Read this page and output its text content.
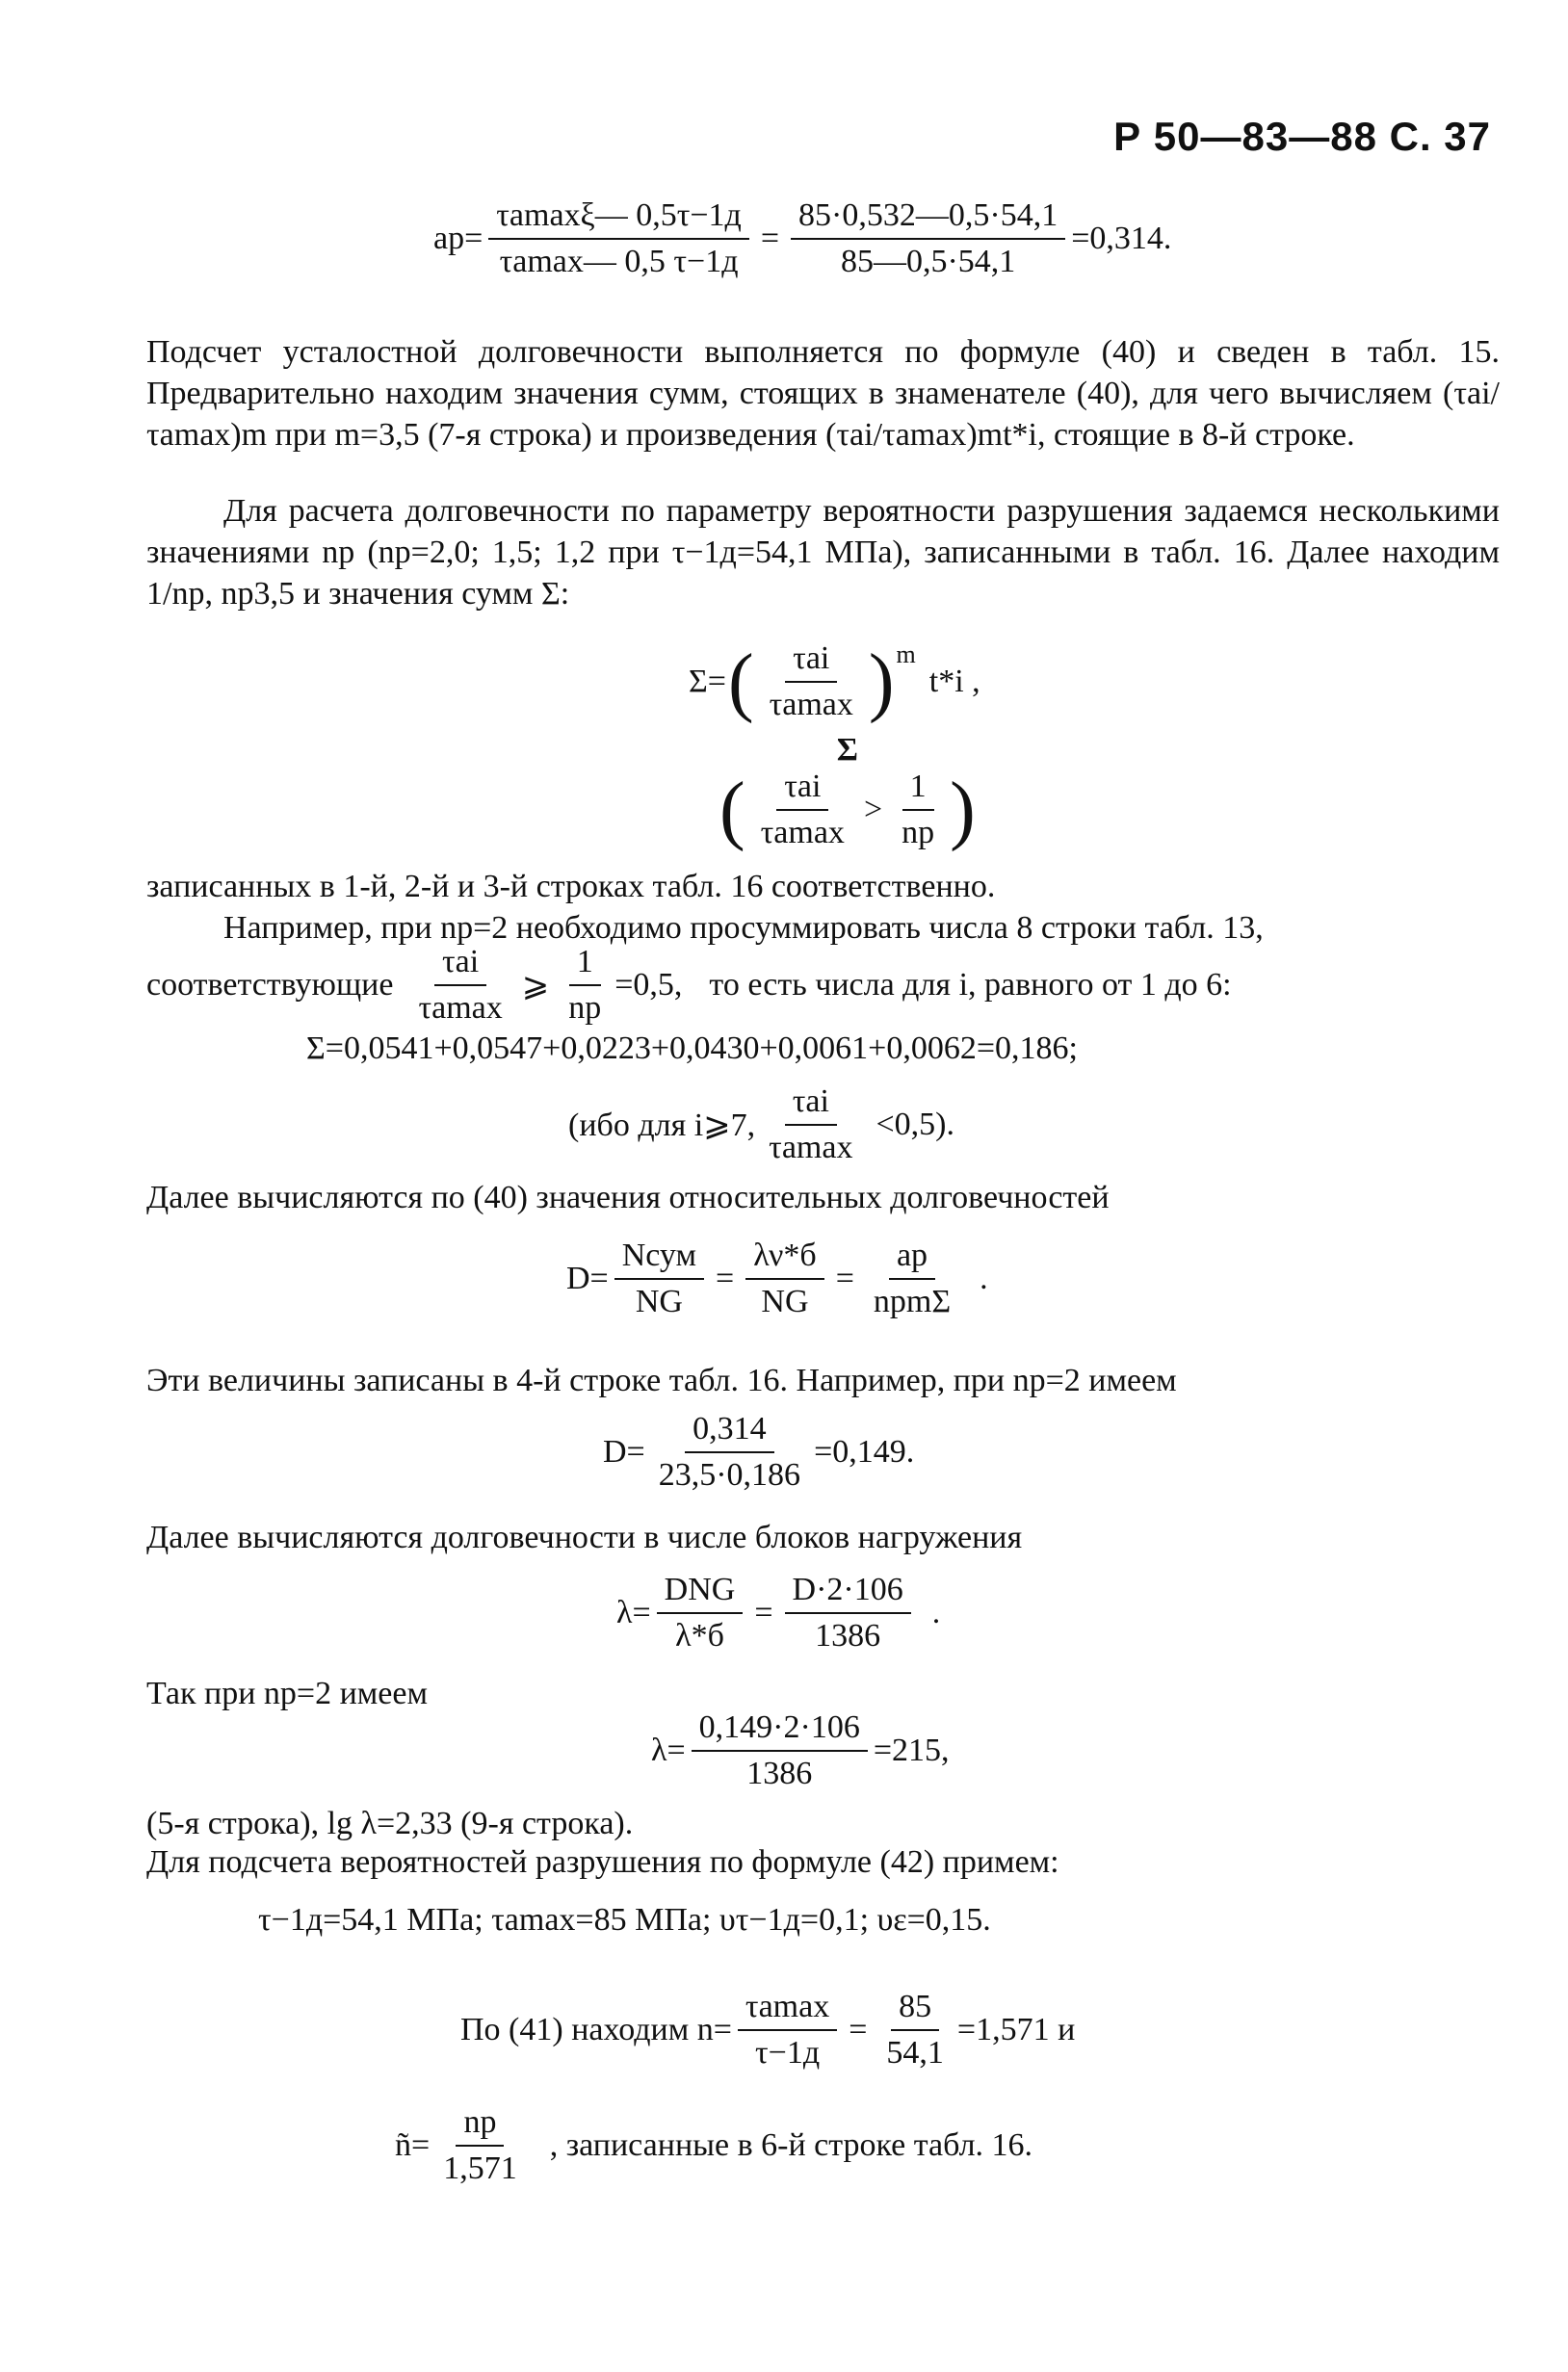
Р 50—83—88 С. 37
$aр= \frac{\tau amax\xi— 0,5\tau-1д}{\tau amax— 0,5 \tau-1д} = \frac{85\cdot 0,532—0,5\cdot 54,1}{85—0,5\cdot 54,1} =0,314$.
Подсчет усталостной долговечности выполняется по формуле (40) и сведен в табл. 15. Предварительно находим значения сумм, стоящих в знаменателе (40), для чего вычисляем (τai/τamax)m при m=3,5 (7-я строка) и произведения (τai/τamax)mt*i, стоящие в 8-й строке.
Для расчета долговечности по параметру вероятности разрушения задаемся несколькими значениями nр (nр=2,0; 1,5; 1,2 при τ−1д=54,1 МПа), записанными в табл. 16. Далее находим 1/nр, nр3,5 и значения сумм Σ:
Σ= ( $\frac{\text{τai}}{\tau amax} )^m$
t*i ,
Σ
( $\frac{\text{τai}}{\tau amax} > \frac{1}{nр}$ )
записанных в 1-й, 2-й и 3-й строках табл. 16 соответственно.
Например, при nр=2 необходимо просуммировать числа 8 строки табл. 13,
соответствующие $\frac{\text{τai}}{\tau amax}$ ⩾ $\frac{1}{nр} =0,5$, то есть числа для i, равного от 1 до 6:
Σ=0,0541+0,0547+0,0223+0,0430+0,0061+0,0062=0,186;
(ибо для i⩾7, $\frac{\text{τai}}{\tau amax} <0,5$).
Далее вычисляются по (40) значения относительных долговечностей
$D= \frac{\text{Nсум}}{NG} = \frac{\lambda\nu*б}{NG} = \frac{aр}{\text{nрmΣ}}$ .
Эти величины записаны в 4-й строке табл. 16. Например, при nр=2 имеем
$D= \frac{0,314}{23,5\cdot 0,186} =0,149$.
Далее вычисляются долговечности в числе блоков нагружения
$\lambda= \frac{\text{DNG}}{\lambda*б} = \frac{D\cdot 2\cdot 106}{1386}$ .
Так при nр=2 имеем
$\lambda= \frac{0,149\cdot 2\cdot 106}{1386} =215$,
(5-я строка), lg λ=2,33 (9-я строка).
Для подсчета вероятностей разрушения по формуле (42) примем:
τ−1д=54,1 МПа; τamax=85 МПа; υτ−1д=0,1; υε=0,15.
По (41) находим $n= \frac{\tau amax}{\tau-1д} = \frac{85}{54,1} =1,571$ и
ñ= $\frac{nр}{1,571}$ , записанные в 6-й строке табл. 16.
